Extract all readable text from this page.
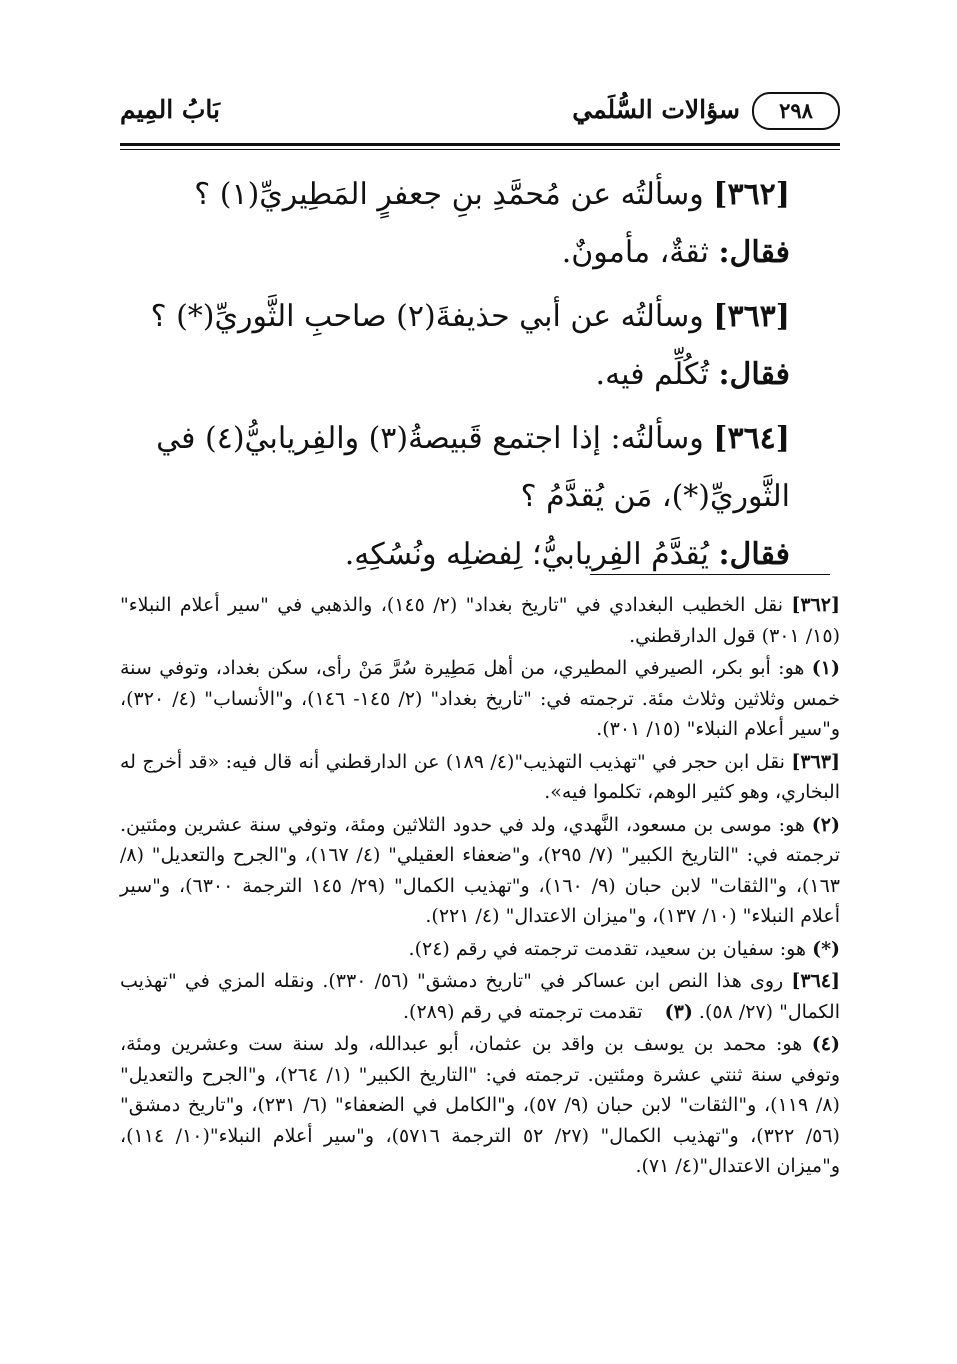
٢٩٨
سؤالات السُّلَمي
بَابُ المِيم

[٣٦٢] وسألتُه عن مُحمَّدِ بنِ جعفرٍ المَطِيريِّ(١) ؟

فقال: ثقةٌ، مأمونٌ.

[٣٦٣] وسألتُه عن أبي حذيفةَ(٢) صاحبِ الثَّوريِّ(*) ؟

فقال: تُكُلِّم فيه.

[٣٦٤] وسألتُه: إذا اجتمع قَبيصةُ(٣) والفِريابيُّ(٤) في الثَّوريِّ(*)، مَن يُقدَّمُ ؟

فقال: يُقدَّمُ الفِريابيُّ؛ لِفضلِه ونُسُكِهِ.

[٣٦٢] نقل الخطيب البغدادي في "تاريخ بغداد" (٢/ ١٤٥)، والذهبي في "سير أعلام النبلاء" (١٥/ ٣٠١) قول الدارقطني.

(١) هو: أبو بكر، الصيرفي المطيري، من أهل مَطِيرة سُرَّ مَنْ رأى، سكن بغداد، وتوفي سنة خمس وثلاثين وثلاث مئة. ترجمته في: "تاريخ بغداد" (٢/ ١٤٥- ١٤٦)، و"الأنساب" (٤/ ٣٢٠)، و"سير أعلام النبلاء" (١٥/ ٣٠١).

[٣٦٣] نقل ابن حجر في "تهذيب التهذيب"(٤/ ١٨٩) عن الدارقطني أنه قال فيه: «قد أخرج له البخاري، وهو كثير الوهم، تكلموا فيه».

(٢) هو: موسى بن مسعود، النَّهدي، ولد في حدود الثلاثين ومئة، وتوفي سنة عشرين ومئتين. ترجمته في: "التاريخ الكبير" (٧/ ٢٩٥)، و"ضعفاء العقيلي" (٤/ ١٦٧)، و"الجرح والتعديل" (٨/ ١٦٣)، و"الثقات" لابن حبان (٩/ ١٦٠)، و"تهذيب الكمال" (٢٩/ ١٤٥ الترجمة ٦٣٠٠)، و"سير أعلام النبلاء" (١٠/ ١٣٧)، و"ميزان الاعتدال" (٤/ ٢٢١).

(*) هو: سفيان بن سعيد، تقدمت ترجمته في رقم (٢٤).

[٣٦٤] روى هذا النص ابن عساكر في "تاريخ دمشق" (٥٦/ ٣٣٠). ونقله المزي في "تهذيب الكمال" (٢٧/ ٥٨). (٣) تقدمت ترجمته في رقم (٢٨٩).

(٤) هو: محمد بن يوسف بن واقد بن عثمان، أبو عبدالله، ولد سنة ست وعشرين ومئة، وتوفي سنة ثنتي عشرة ومئتين. ترجمته في: "التاريخ الكبير" (١/ ٢٦٤)، و"الجرح والتعديل" (٨/ ١١٩)، و"الثقات" لابن حبان (٩/ ٥٧)، و"الكامل في الضعفاء" (٦/ ٢٣١)، و"تاريخ دمشق" (٥٦/ ٣٢٢)، و"تهذيب الكمال" (٢٧/ ٥٢ الترجمة ٥٧١٦)، و"سير أعلام النبلاء"(١٠/ ١١٤)، و"ميزان الاعتدال"(٤/ ٧١).
